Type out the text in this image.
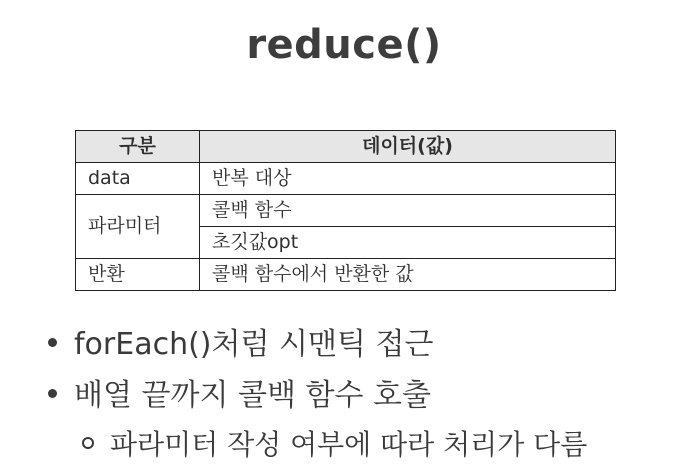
reduce()
구분	데이터(값)
data	반복 대상
파라미터	콜백 함수
	초깃값opt
반환	콜백 함수에서 반환한 값
forEach()처럼 시맨틱 접근
배열 끝까지 콜백 함수 호출
파라미터 작성 여부에 따라 처리가 다름
